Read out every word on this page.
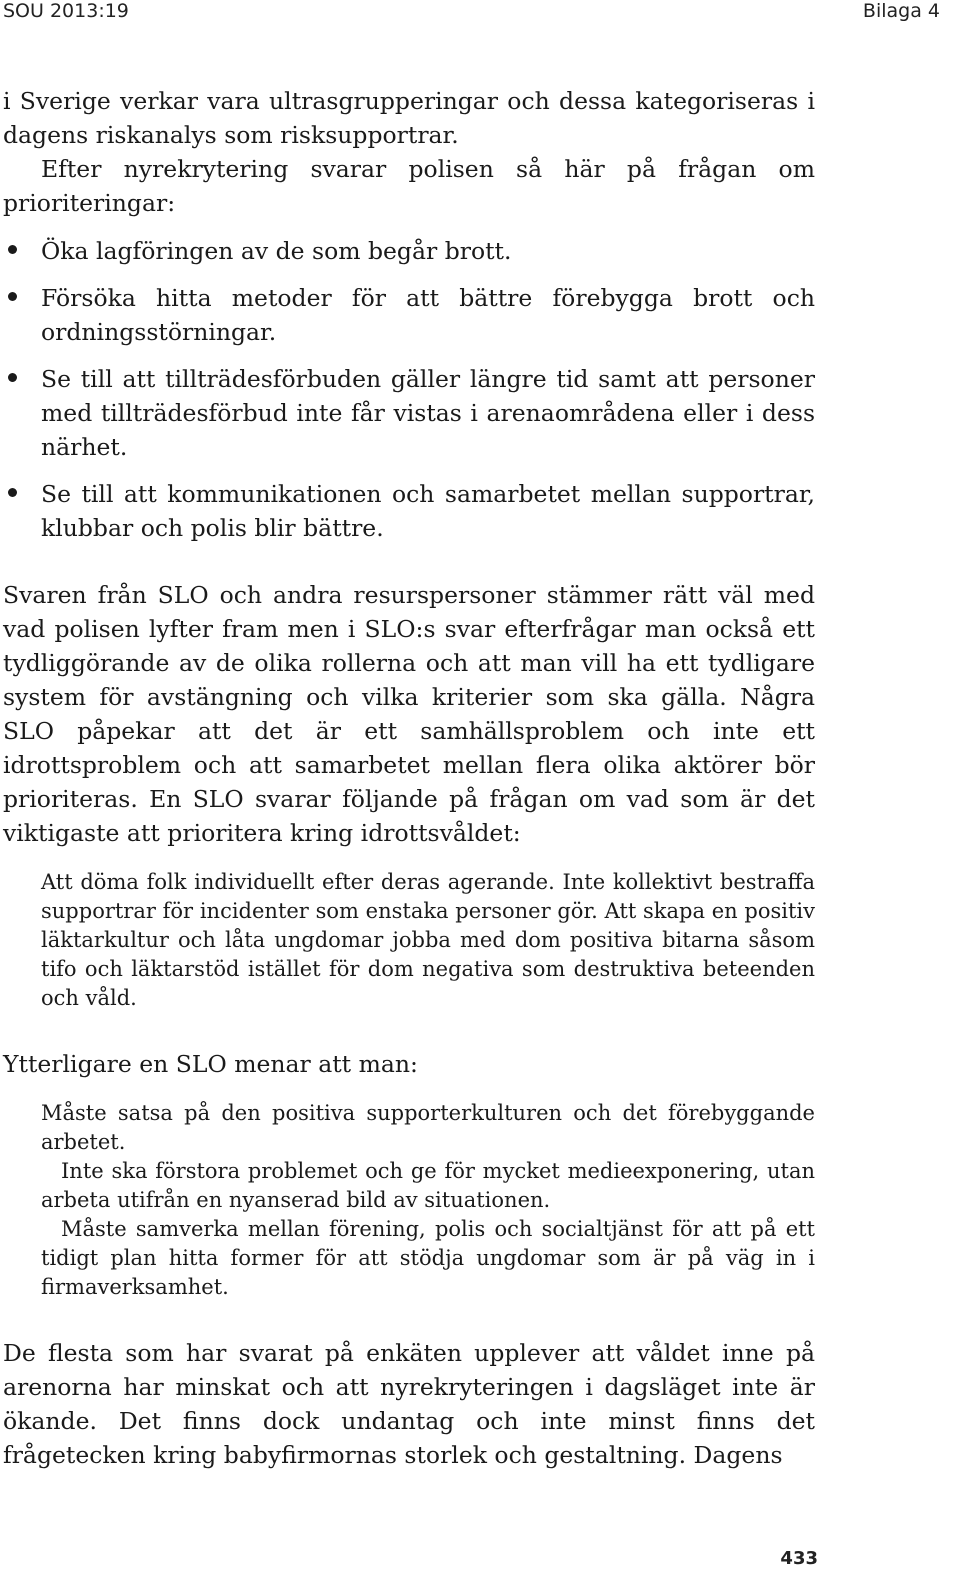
SOU 2013:19	Bilaga 4

i Sverige verkar vara ultrasgrupperingar och dessa kategoriseras i dagens riskanalys som risksupportrar.

Efter nyrekrytering svarar polisen så här på frågan om prioriteringar:

Öka lagföringen av de som begår brott.
Försöka hitta metoder för att bättre förebygga brott och ordningsstörningar.
Se till att tillträdesförbuden gäller längre tid samt att personer med tillträdesförbud inte får vistas i arenaområdena eller i dess närhet.
Se till att kommunikationen och samarbetet mellan supportrar, klubbar och polis blir bättre.

Svaren från SLO och andra resurspersoner stämmer rätt väl med vad polisen lyfter fram men i SLO:s svar efterfrågar man också ett tydliggörande av de olika rollerna och att man vill ha ett tydligare system för avstängning och vilka kriterier som ska gälla. Några SLO påpekar att det är ett samhällsproblem och inte ett idrottsproblem och att samarbetet mellan flera olika aktörer bör prioriteras. En SLO svarar följande på frågan om vad som är det viktigaste att prioritera kring idrottsvåldet:

Att döma folk individuellt efter deras agerande. Inte kollektivt bestraffa supportrar för incidenter som enstaka personer gör. Att skapa en positiv läktarkultur och låta ungdomar jobba med dom positiva bitarna såsom tifo och läktarstöd istället för dom negativa som destruktiva beteenden och våld.

Ytterligare en SLO menar att man:

Måste satsa på den positiva supporterkulturen och det förebyggande arbetet.

Inte ska förstora problemet och ge för mycket medieexponering, utan arbeta utifrån en nyanserad bild av situationen.

Måste samverka mellan förening, polis och socialtjänst för att på ett tidigt plan hitta former för att stödja ungdomar som är på väg in i firmaverksamhet.

De flesta som har svarat på enkäten upplever att våldet inne på arenorna har minskat och att nyrekryteringen i dagsläget inte är ökande. Det finns dock undantag och inte minst finns det frågetecken kring babyfirmornas storlek och gestaltning. Dagens

433
